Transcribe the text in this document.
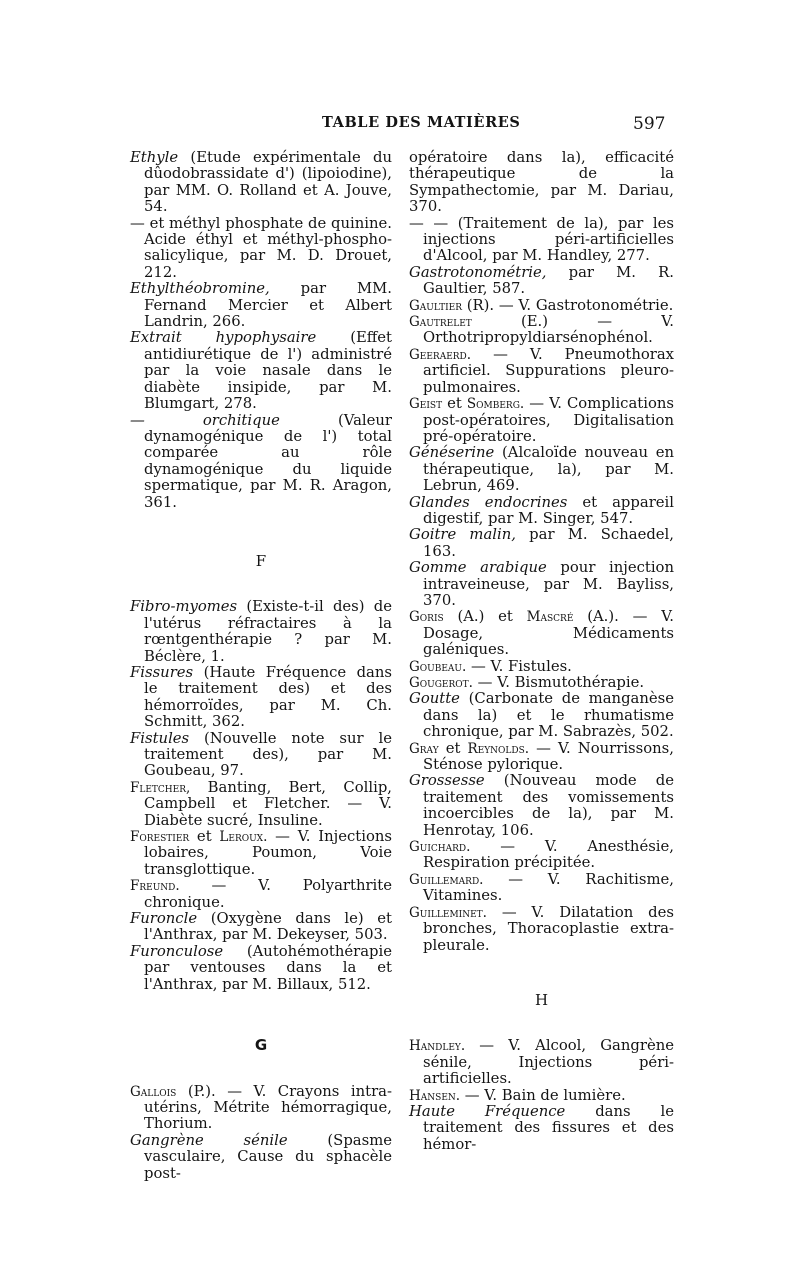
TABLE DES MATIÈRES	597

Ethyle (Etude expérimentale du dûodobrassidate d') (lipoiodine), par MM. O. Rolland et A. Jouve, 54.

— et méthyl phosphate de quinine. Acide éthyl et méthyl-phospho-salicylique, par M. D. Drouet, 212.

Ethylthéobromine, par MM. Fernand Mercier et Albert Landrin, 266.

Extrait hypophysaire (Effet antidiurétique de l') administré par la voie nasale dans le diabète insipide, par M. Blumgart, 278.

— orchitique (Valeur dynamogénique de l') total comparée au rôle dynamogénique du liquide spermatique, par M. R. Aragon, 361.

F

Fibro-myomes (Existe-t-il des) de l'utérus réfractaires à la rœntgenthérapie ? par M. Béclère, 1.

Fissures (Haute Fréquence dans le traitement des) et des hémorroïdes, par M. Ch. Schmitt, 362.

Fistules (Nouvelle note sur le traitement des), par M. Goubeau, 97.

Fletcher, Banting, Bert, Collip, Campbell et Fletcher. — V. Diabète sucré, Insuline.

Forestier et Leroux. — V. Injections lobaires, Poumon, Voie transglottique.

Freund. — V. Polyarthrite chronique.

Furoncle (Oxygène dans le) et l'Anthrax, par M. Dekeyser, 503.

Furonculose (Autohémothérapie par ventouses dans la et l'Anthrax, par M. Billaux, 512.

G

Gallois (P.). — V. Crayons intra-utérins, Métrite hémorragique, Thorium.

Gangrène sénile (Spasme vasculaire, Cause du sphacèle post-

opératoire dans la), efficacité thérapeutique de la Sympathectomie, par M. Dariau, 370.

— — (Traitement de la), par les injections péri-artificielles d'Alcool, par M. Handley, 277.

Gastrotonométrie, par M. R. Gaultier, 587.

Gaultier (R). — V. Gastrotonométrie.

Gautrelet (E.) — V. Orthotripropyldiarsénophénol.

Geeraerd. — V. Pneumothorax artificiel. Suppurations pleuro-pulmonaires.

Geist et Somberg. — V. Complications post-opératoires, Digitalisation pré-opératoire.

Généserine (Alcaloïde nouveau en thérapeutique, la), par M. Lebrun, 469.

Glandes endocrines et appareil digestif, par M. Singer, 547.

Goitre malin, par M. Schaedel, 163.

Gomme arabique pour injection intraveineuse, par M. Bayliss, 370.

Goris (A.) et Mascré (A.). — V. Dosage, Médicaments galéniques.

Goubeau. — V. Fistules.

Gougerot. — V. Bismutothérapie.

Goutte (Carbonate de manganèse dans la) et le rhumatisme chronique, par M. Sabrazès, 502.

Gray et Reynolds. — V. Nourrissons, Sténose pylorique.

Grossesse (Nouveau mode de traitement des vomissements incoercibles de la), par M. Henrotay, 106.

Guichard. — V. Anesthésie, Respiration précipitée.

Guillemard. — V. Rachitisme, Vitamines.

Guilleminet. — V. Dilatation des bronches, Thoracoplastie extra-pleurale.

H

Handley. — V. Alcool, Gangrène sénile, Injections péri-artificielles.

Hansen. — V. Bain de lumière.

Haute Fréquence dans le traitement des fissures et des hémor-
